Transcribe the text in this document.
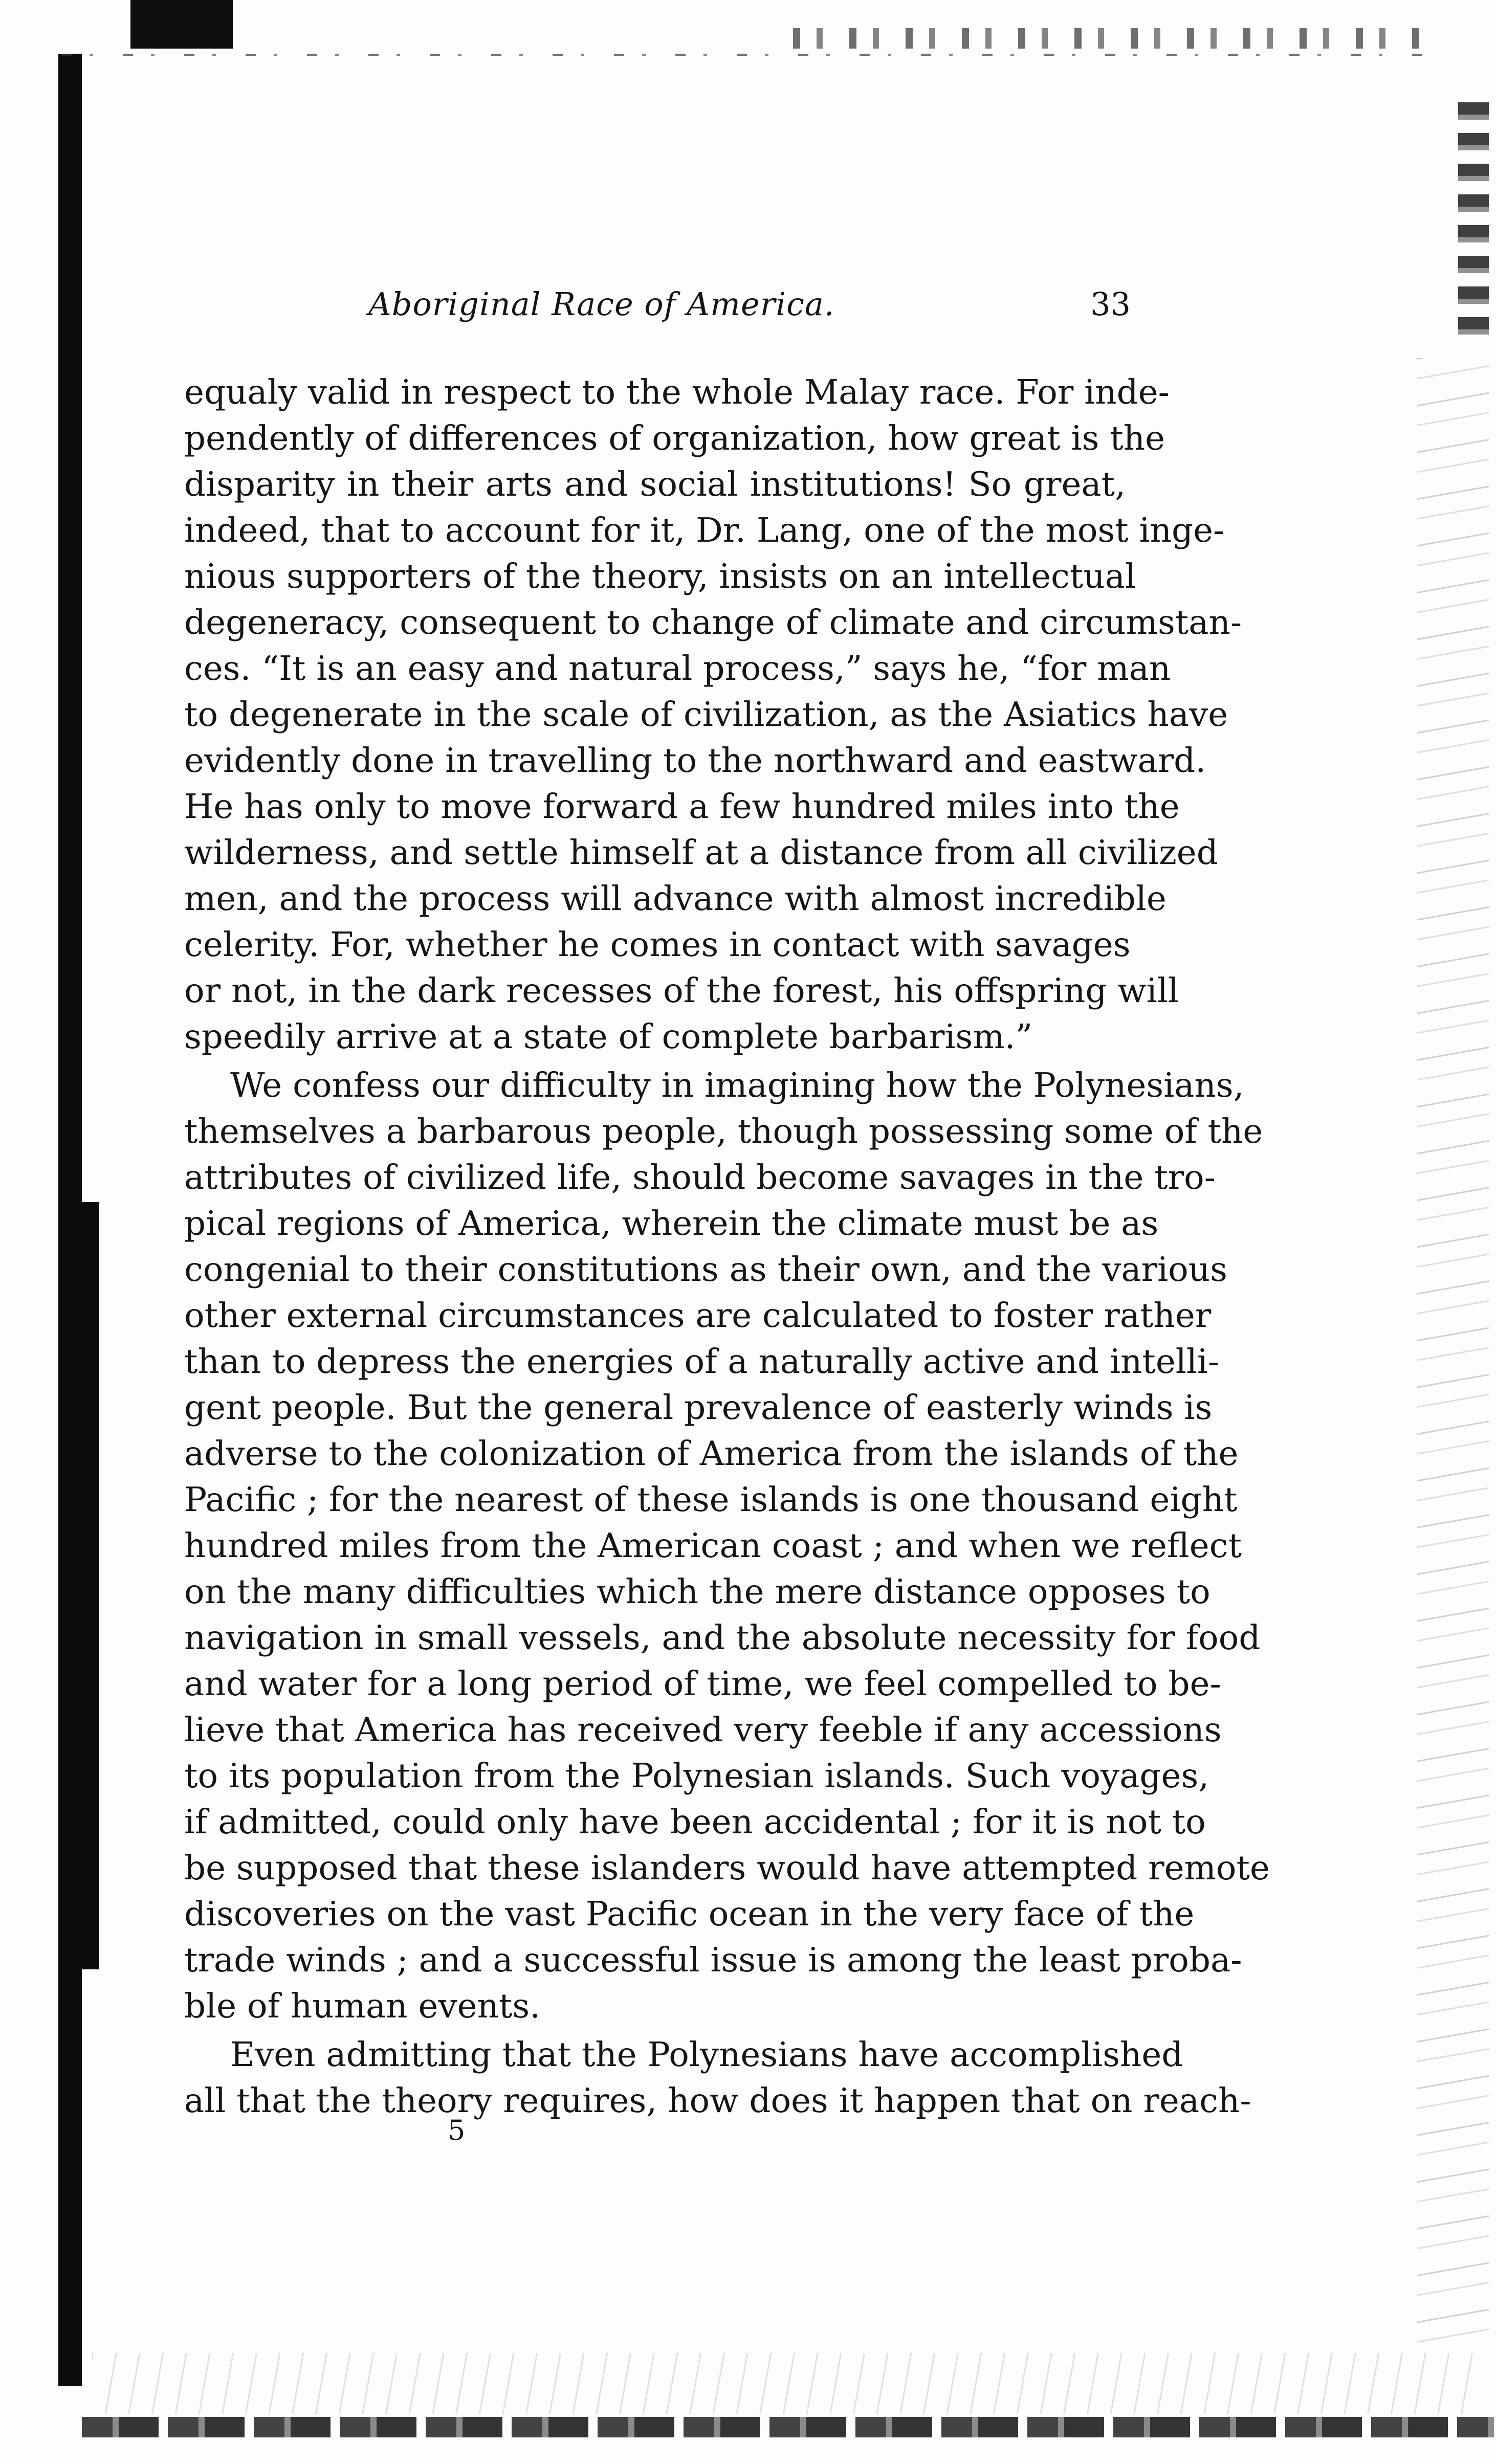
Aboriginal Race of America.	33
equaly valid in respect to the whole Malay race. For inde-
pendently of differences of organization, how great is the
disparity in their arts and social institutions! So great,
indeed, that to account for it, Dr. Lang, one of the most inge-
nious supporters of the theory, insists on an intellectual
degeneracy, consequent to change of climate and circumstan-
ces. “It is an easy and natural process,” says he, “for man
to degenerate in the scale of civilization, as the Asiatics have
evidently done in travelling to the northward and eastward.
He has only to move forward a few hundred miles into the
wilderness, and settle himself at a distance from all civilized
men, and the process will advance with almost incredible
celerity. For, whether he comes in contact with savages
or not, in the dark recesses of the forest, his offspring will
speedily arrive at a state of complete barbarism.”
We confess our difficulty in imagining how the Polynesians,
themselves a barbarous people, though possessing some of the
attributes of civilized life, should become savages in the tro-
pical regions of America, wherein the climate must be as
congenial to their constitutions as their own, and the various
other external circumstances are calculated to foster rather
than to depress the energies of a naturally active and intelli-
gent people. But the general prevalence of easterly winds is
adverse to the colonization of America from the islands of the
Pacific ; for the nearest of these islands is one thousand eight
hundred miles from the American coast ; and when we reflect
on the many difficulties which the mere distance opposes to
navigation in small vessels, and the absolute necessity for food
and water for a long period of time, we feel compelled to be-
lieve that America has received very feeble if any accessions
to its population from the Polynesian islands. Such voyages,
if admitted, could only have been accidental ; for it is not to
be supposed that these islanders would have attempted remote
discoveries on the vast Pacific ocean in the very face of the
trade winds ; and a successful issue is among the least proba-
ble of human events.
Even admitting that the Polynesians have accomplished
all that the theory requires, how does it happen that on reach-
5
